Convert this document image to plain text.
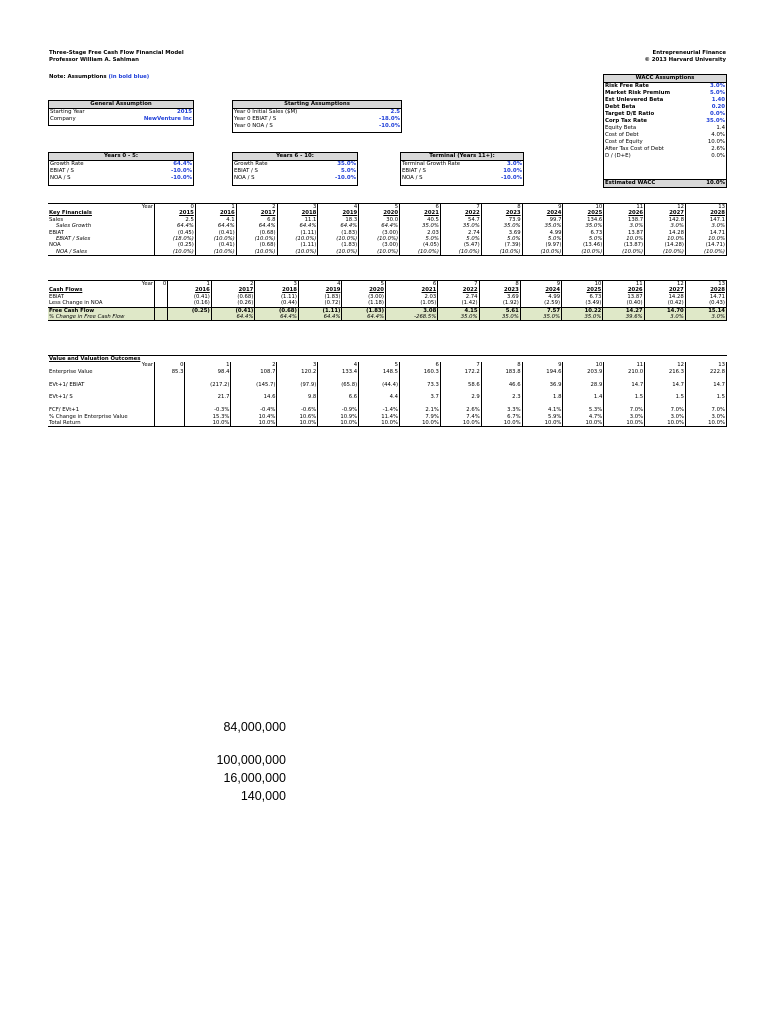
Three-Stage Free Cash Flow Financial Model
Professor William A. Sahlman
Entrepreneurial Finance
© 2013 Harvard University
Note: Assumptions (in bold blue)	WACC Assumptions
Risk Free Rate	3.0%
Market Risk Premium	5.0%
Est Unlevered Beta	1.40
Debt Beta	0.20
Target D/E Ratio	0.0%
Corp Tax Rate	35.0%
Equity Beta	1.4
Cost of Debt	4.0%
Cost of Equity	10.0%
After Tax Cost of Debt	2.6%
D / (D+E)	0.0%
Estimated WACC	10.0%
General Assumption
Starting Year	2015
Company	NewVenture Inc
Starting Assumptions
Year 0 Initial Sales ($M)	2.5
Year 0 EBIAT / S	-18.0%
Year 0 NOA / S	-10.0%
Years 0 - 5:
Growth Rate	64.4%
EBIAT / S	-10.0%
NOA / S	-10.0%
Years 6 - 10:
Growth Rate	35.0%
EBIAT / S	5.0%
NOA / S	-10.0%
Terminal (Years 11+):
Terminal Growth Rate	3.0%
EBIAT / S	10.0%
NOA / S	-10.0%
Year	0	1	2	3	4	5	6	7	8	9	10	11	12	13
Key Financials	2015	2016	2017	2018	2019	2020	2021	2022	2023	2024	2025	2026	2027	2028
Sales	2.5	4.1	6.8	11.1	18.3	30.0	40.5	54.7	73.9	99.7	134.6	138.7	142.8	147.1
Sales Growth	64.4%	64.4%	64.4%	64.4%	64.4%	64.4%	35.0%	35.0%	35.0%	35.0%	35.0%	3.0%	3.0%	3.0%
EBIAT	(0.45)	(0.41)	(0.68)	(1.11)	(1.83)	(3.00)	2.03	2.74	3.69	4.99	6.73	13.87	14.28	14.71
EBIAT / Sales	(18.0%)	(10.0%)	(10.0%)	(10.0%)	(10.0%)	(10.0%)	5.0%	5.0%	5.0%	5.0%	5.0%	10.0%	10.0%	10.0%
NOA	(0.25)	(0.41)	(0.68)	(1.11)	(1.83)	(3.00)	(4.05)	(5.47)	(7.39)	(9.97)	(13.46)	(13.87)	(14.28)	(14.71)
NOA / Sales	(10.0%)	(10.0%)	(10.0%)	(10.0%)	(10.0%)	(10.0%)	(10.0%)	(10.0%)	(10.0%)	(10.0%)	(10.0%)	(10.0%)	(10.0%)	(10.0%)
Year	0	1	2	3	4	5	6	7	8	9	10	11	12	13
Cash Flows		2016	2017	2018	2019	2020	2021	2022	2023	2024	2025	2026	2027	2028
EBIAT		(0.41)	(0.68)	(1.11)	(1.83)	(3.00)	2.03	2.74	3.69	4.99	6.73	13.87	14.28	14.71
Less Change in NOA		(0.16)	(0.26)	(0.44)	(0.72)	(1.18)	(1.05)	(1.42)	(1.92)	(2.59)	(3.49)	(0.40)	(0.42)	(0.43)
Free Cash Flow		(0.25)	(0.41)	(0.68)	(1.11)	(1.83)	3.08	4.15	5.61	7.57	10.22	14.27	14.70	15.14
% Change in Free Cash Flow			64.4%	64.4%	64.4%	64.4%	-268.5%	35.0%	35.0%	35.0%	35.0%	39.6%	3.0%	3.0%
Value and Valuation Outcomes														
Year	0	1	2	3	4	5	6	7	8	9	10	11	12	13
Enterprise Value	85.3	98.4	108.7	120.2	133.4	148.5	160.3	172.2	183.8	194.6	203.9	210.0	216.3	222.8

EVt+1/ EBIAT		(217.2)	(145.7)	(97.9)	(65.8)	(44.4)	73.3	58.6	46.6	36.9	28.9	14.7	14.7	14.7

EVt+1/ S		21.7	14.6	9.8	6.6	4.4	3.7	2.9	2.3	1.8	1.4	1.5	1.5	1.5

FCF/ EVt+1		-0.3%	-0.4%	-0.6%	-0.9%	-1.4%	2.1%	2.6%	3.3%	4.1%	5.3%	7.0%	7.0%	7.0%
% Change in Enterprise Value		15.3%	10.4%	10.6%	10.9%	11.4%	7.9%	7.4%	6.7%	5.9%	4.7%	3.0%	3.0%	3.0%
Total Return		10.0%	10.0%	10.0%	10.0%	10.0%	10.0%	10.0%	10.0%	10.0%	10.0%	10.0%	10.0%	10.0%
84,000,000
100,000,000
16,000,000
140,000
